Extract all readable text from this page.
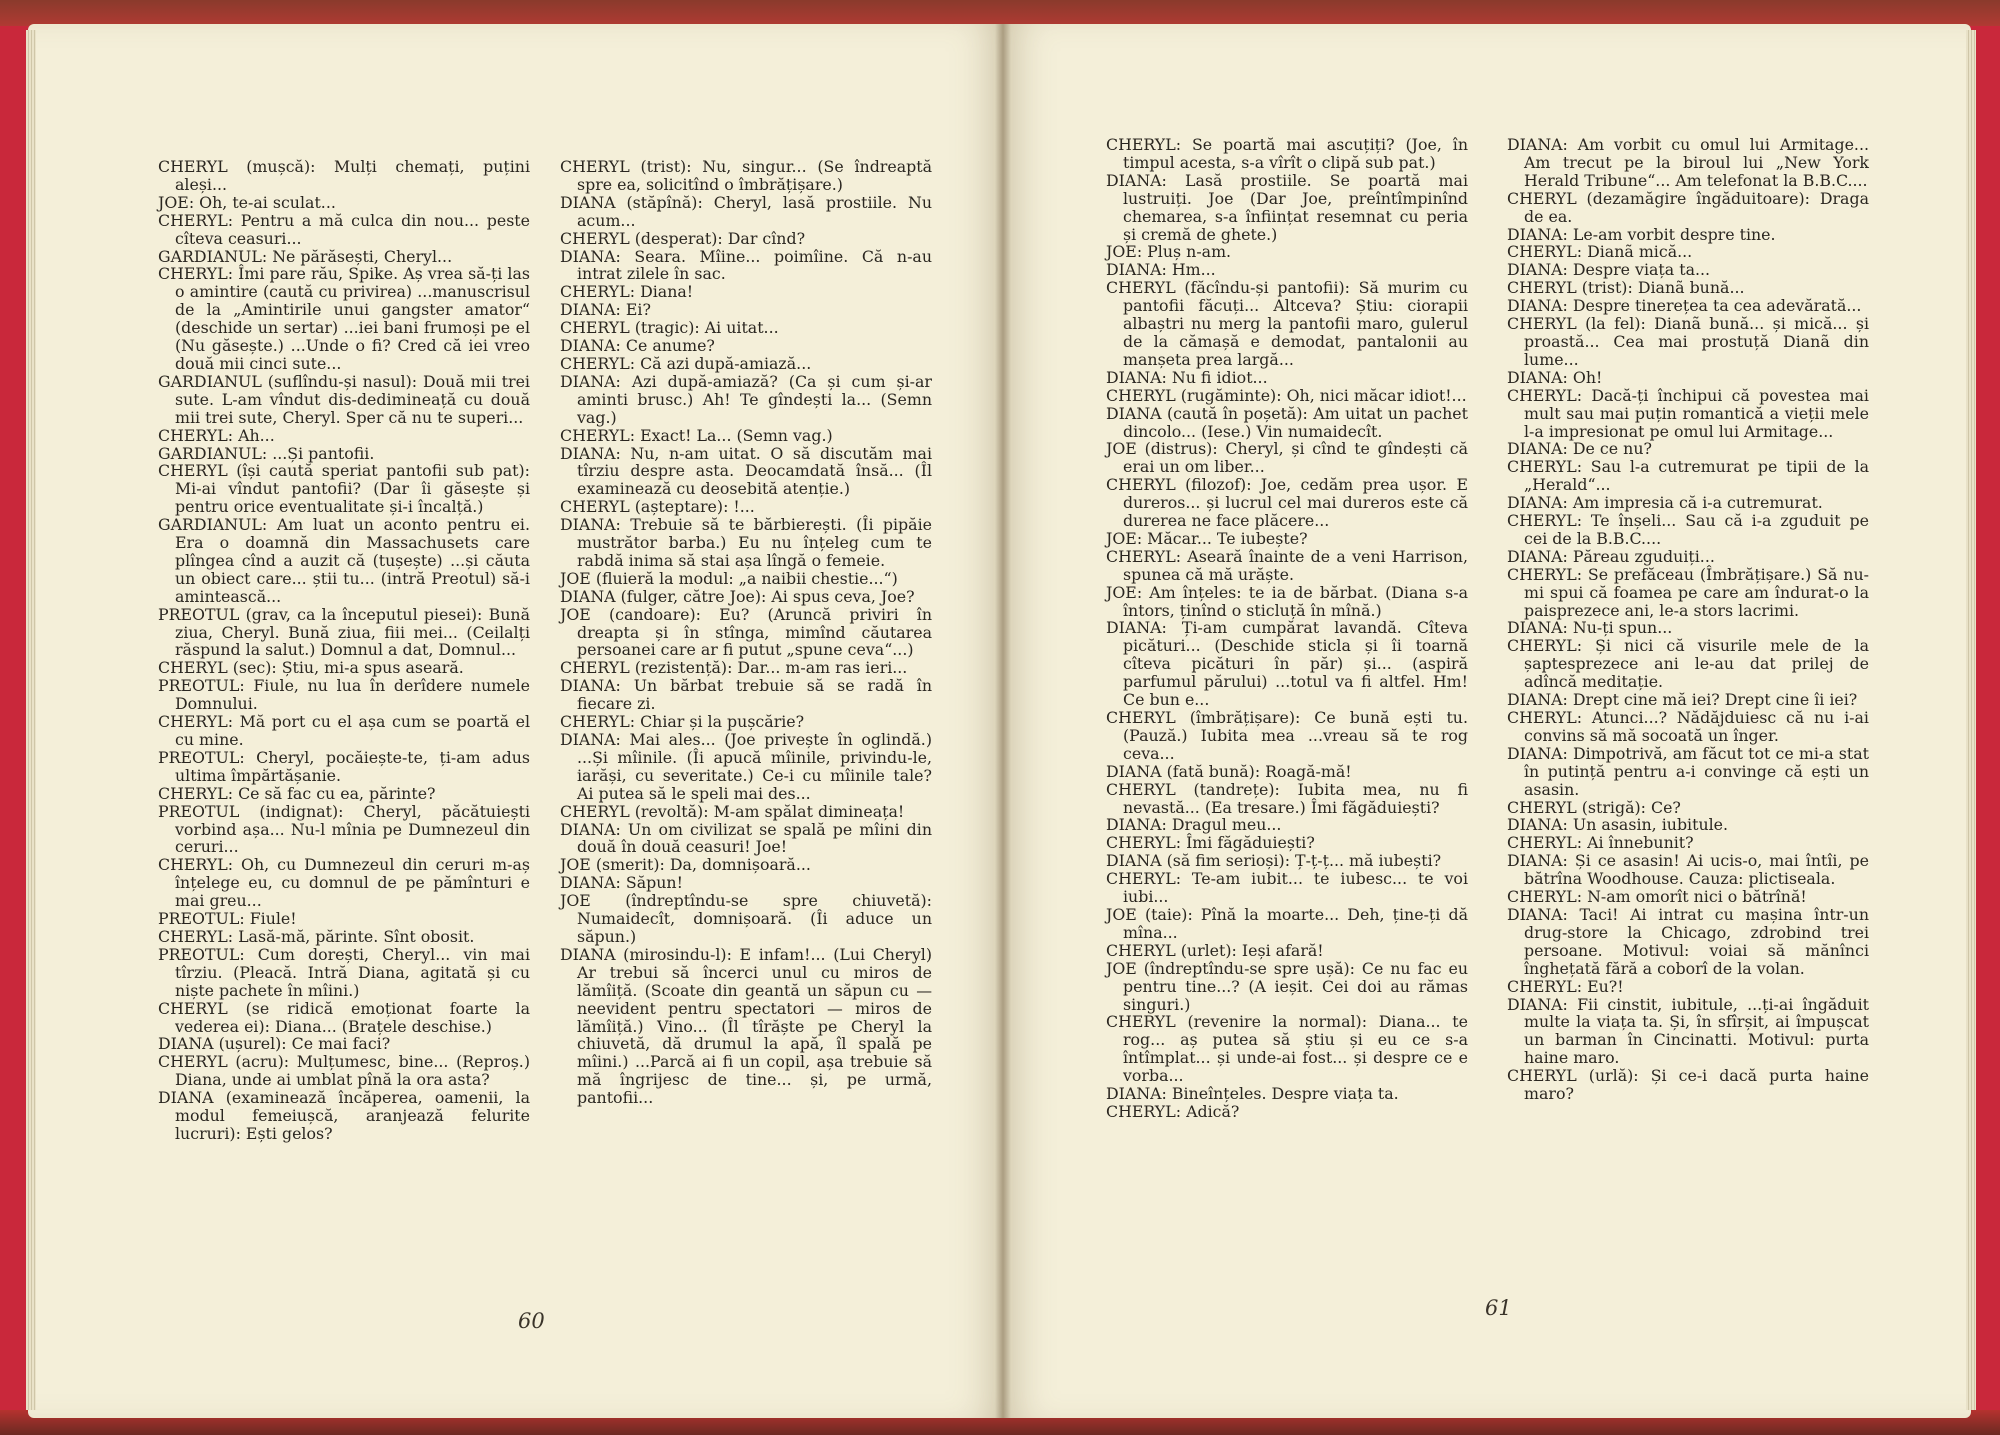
CHERYL (mușcă): Mulți chemați, puțini aleși...

JOE: Oh, te-ai sculat...

CHERYL: Pentru a mă culca din nou... peste cîteva ceasuri...

GARDIANUL: Ne părăsești, Cheryl...

CHERYL: Îmi pare rău, Spike. Aș vrea să-ți las o amintire (caută cu privirea) ...manuscrisul de la „Amintirile unui gangster amator“ (deschide un sertar) ...iei bani frumoși pe el (Nu găsește.) ...Unde o fi? Cred că iei vreo două mii cinci sute...

GARDIANUL (suflîndu-și nasul): Două mii trei sute. L-am vîndut dis-dedimineață cu două mii trei sute, Cheryl. Sper că nu te superi...

CHERYL: Ah...

GARDIANUL: ...Și pantofii.

CHERYL (își caută speriat pantofii sub pat): Mi-ai vîndut pantofii? (Dar îi găsește și pentru orice eventualitate și-i încalță.)

GARDIANUL: Am luat un aconto pentru ei. Era o doamnă din Massachusets care plîngea cînd a auzit că (tușește) ...și căuta un obiect care... știi tu... (intră Preotul) să-i amintească...

PREOTUL (grav, ca la începutul piesei): Bună ziua, Cheryl. Bună ziua, fiii mei... (Ceilalți răspund la salut.) Domnul a dat, Domnul...

CHERYL (sec): Știu, mi-a spus aseară.

PREOTUL: Fiule, nu lua în derîdere numele Domnului.

CHERYL: Mă port cu el așa cum se poartă el cu mine.

PREOTUL: Cheryl, pocăiește-te, ți-am adus ultima împărtășanie.

CHERYL: Ce să fac cu ea, părinte?

PREOTUL (indignat): Cheryl, păcătuiești vorbind așa... Nu-l mînia pe Dumnezeul din ceruri...

CHERYL: Oh, cu Dumnezeul din ceruri m-aș înțelege eu, cu domnul de pe pămînturi e mai greu...

PREOTUL: Fiule!

CHERYL: Lasă-mă, părinte. Sînt obosit.

PREOTUL: Cum dorești, Cheryl... vin mai tîrziu. (Pleacă. Intră Diana, agitată și cu niște pachete în mîini.)

CHERYL (se ridică emoționat foarte la vederea ei): Diana... (Brațele deschise.)

DIANA (ușurel): Ce mai faci?

CHERYL (acru): Mulțumesc, bine... (Reproș.) Diana, unde ai umblat pînă la ora asta?

DIANA (examinează încăperea, oamenii, la modul femeiușcă, aranjează felurite lucruri): Ești gelos?

CHERYL (trist): Nu, singur... (Se îndreaptă spre ea, solicitînd o îmbrățișare.)

DIANA (stăpînă): Cheryl, lasă prostiile. Nu acum...

CHERYL (desperat): Dar cînd?

DIANA: Seara. Mîine... poimîine. Că n-au intrat zilele în sac.

CHERYL: Diana!

DIANA: Ei?

CHERYL (tragic): Ai uitat...

DIANA: Ce anume?

CHERYL: Că azi după-amiază...

DIANA: Azi după-amiază? (Ca și cum și-ar aminti brusc.) Ah! Te gîndești la... (Semn vag.)

CHERYL: Exact! La... (Semn vag.)

DIANA: Nu, n-am uitat. O să discutăm mai tîrziu despre asta. Deocamdată însă... (Îl examinează cu deosebită atenție.)

CHERYL (așteptare): !...

DIANA: Trebuie să te bărbierești. (Îi pipăie mustrător barba.) Eu nu înțeleg cum te rabdă inima să stai așa lîngă o femeie.

JOE (fluieră la modul: „a naibii chestie...“)

DIANA (fulger, către Joe): Ai spus ceva, Joe?

JOE (candoare): Eu? (Aruncă priviri în dreapta și în stînga, mimînd căutarea persoanei care ar fi putut „spune ceva“...)

CHERYL (rezistență): Dar... m-am ras ieri...

DIANA: Un bărbat trebuie să se radă în fiecare zi.

CHERYL: Chiar și la pușcărie?

DIANA: Mai ales... (Joe privește în oglindă.) ...Și mîinile. (Îi apucă mîinile, privindu-le, iarăși, cu severitate.) Ce-i cu mîinile tale? Ai putea să le speli mai des...

CHERYL (revoltă): M-am spălat dimineața!

DIANA: Un om civilizat se spală pe mîini din două în două ceasuri! Joe!

JOE (smerit): Da, domnișoară...

DIANA: Săpun!

JOE (îndreptîndu-se spre chiuvetă): Numaidecît, domnișoară. (Îi aduce un săpun.)

DIANA (mirosindu-l): E infam!... (Lui Cheryl) Ar trebui să încerci unul cu miros de lămîiță. (Scoate din geantă un săpun cu — neevident pentru spectatori — miros de lămîiță.) Vino... (Îl tîrăște pe Cheryl la chiuvetă, dă drumul la apă, îl spală pe mîini.) ...Parcă ai fi un copil, așa trebuie să mă îngrijesc de tine... și, pe urmă, pantofii...

60

CHERYL: Se poartă mai ascuțiți? (Joe, în timpul acesta, s-a vîrît o clipă sub pat.)

DIANA: Lasă prostiile. Se poartă mai lustruiți. Joe (Dar Joe, preîntîmpinînd chemarea, s-a înființat resemnat cu peria și cremă de ghete.)

JOE: Pluș n-am.

DIANA: Hm...

CHERYL (făcîndu-și pantofii): Să murim cu pantofii făcuți... Altceva? Știu: ciorapii albaștri nu merg la pantofii maro, gulerul de la cămașă e demodat, pantalonii au manșeta prea largă...

DIANA: Nu fi idiot...

CHERYL (rugăminte): Oh, nici măcar idiot!...

DIANA (caută în poșetă): Am uitat un pachet dincolo... (Iese.) Vin numaidecît.

JOE (distrus): Cheryl, și cînd te gîndești că erai un om liber...

CHERYL (filozof): Joe, cedăm prea ușor. E dureros... și lucrul cel mai dureros este că durerea ne face plăcere...

JOE: Măcar... Te iubește?

CHERYL: Aseară înainte de a veni Harrison, spunea că mă urăște.

JOE: Am înțeles: te ia de bărbat. (Diana s-a întors, ținînd o sticluță în mînă.)

DIANA: Ți-am cumpărat lavandă. Cîteva picături... (Deschide sticla și îi toarnă cîteva picături în păr) și... (aspiră parfumul părului) ...totul va fi altfel. Hm! Ce bun e...

CHERYL (îmbrățișare): Ce bună ești tu. (Pauză.) Iubita mea ...vreau să te rog ceva...

DIANA (fată bună): Roagă-mă!

CHERYL (tandrețe): Iubita mea, nu fi nevastă... (Ea tresare.) Îmi făgăduiești?

DIANA: Dragul meu...

CHERYL: Îmi făgăduiești?

DIANA (să fim serioși): Ț-ț-ț... mă iubești?

CHERYL: Te-am iubit... te iubesc... te voi iubi...

JOE (taie): Pînă la moarte... Deh, ține-ți dă mîna...

CHERYL (urlet): Ieși afară!

JOE (îndreptîndu-se spre ușă): Ce nu fac eu pentru tine...? (A ieșit. Cei doi au rămas singuri.)

CHERYL (revenire la normal): Diana... te rog... aș putea să știu și eu ce s-a întîmplat... și unde-ai fost... și despre ce e vorba...

DIANA: Bineînțeles. Despre viața ta.

CHERYL: Adică?

DIANA: Am vorbit cu omul lui Armitage... Am trecut pe la biroul lui „New York Herald Tribune“... Am telefonat la B.B.C....

CHERYL (dezamăgire îngăduitoare): Draga de ea.

DIANA: Le-am vorbit despre tine.

CHERYL: Dianã mică...

DIANA: Despre viața ta...

CHERYL (trist): Dianã bună...

DIANA: Despre tinerețea ta cea adevărată...

CHERYL (la fel): Dianã bună... și mică... și proastă... Cea mai prostuță Dianã din lume...

DIANA: Oh!

CHERYL: Dacă-ți închipui că povestea mai mult sau mai puțin romantică a vieții mele l-a impresionat pe omul lui Armitage...

DIANA: De ce nu?

CHERYL: Sau l-a cutremurat pe tipii de la „Herald“...

DIANA: Am impresia că i-a cutremurat.

CHERYL: Te înșeli... Sau că i-a zguduit pe cei de la B.B.C....

DIANA: Păreau zguduiți...

CHERYL: Se prefăceau (Îmbrățișare.) Să nu-mi spui că foamea pe care am îndurat-o la paisprezece ani, le-a stors lacrimi.

DIANA: Nu-ți spun...

CHERYL: Și nici că visurile mele de la șaptesprezece ani le-au dat prilej de adîncă meditație.

DIANA: Drept cine mă iei? Drept cine îi iei?

CHERYL: Atunci...? Nădăjduiesc că nu i-ai convins să mă socoată un înger.

DIANA: Dimpotrivă, am făcut tot ce mi-a stat în putință pentru a-i convinge că ești un asasin.

CHERYL (strigă): Ce?

DIANA: Un asasin, iubitule.

CHERYL: Ai înnebunit?

DIANA: Și ce asasin! Ai ucis-o, mai întîi, pe bătrîna Woodhouse. Cauza: plictiseala.

CHERYL: N-am omorît nici o bătrînă!

DIANA: Taci! Ai intrat cu mașina într-un drug-store la Chicago, zdrobind trei persoane. Motivul: voiai să mănînci înghețată fără a coborî de la volan.

CHERYL: Eu?!

DIANA: Fii cinstit, iubitule, ...ți-ai îngăduit multe la viața ta. Și, în sfîrșit, ai împușcat un barman în Cincinatti. Motivul: purta haine maro.

CHERYL (urlă): Și ce-i dacă purta haine maro?

61
